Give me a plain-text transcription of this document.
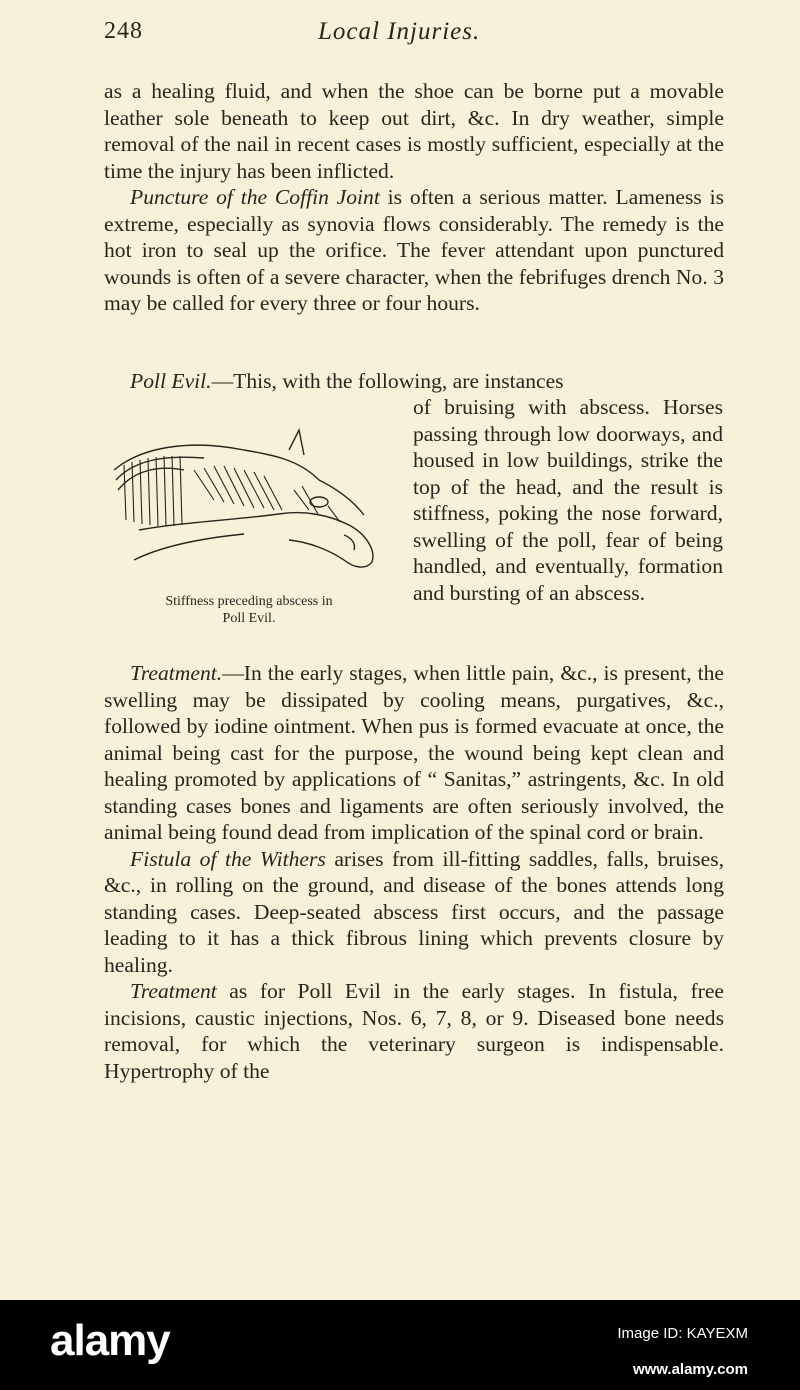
248	Local Injuries.

as a healing fluid, and when the shoe can be borne put a movable leather sole beneath to keep out dirt, &c. In dry weather, simple removal of the nail in recent cases is mostly sufficient, especially at the time the injury has been inflicted.

Puncture of the Coffin Joint is often a serious matter. Lameness is extreme, especially as synovia flows considerably. The remedy is the hot iron to seal up the orifice. The fever attendant upon punctured wounds is often of a severe character, when the febrifuges drench No. 3 may be called for every three or four hours.

Poll Evil.—This, with the following, are instances

of bruising with abscess. Horses passing through low doorways, and housed in low buildings, strike the top of the head, and the result is stiffness, poking the nose forward, swelling of the poll, fear of being handled, and eventually, formation and bursting of an abscess.
Stiffness preceding abscess in
Poll Evil.

Treatment.—In the early stages, when little pain, &c., is present, the swelling may be dissipated by cooling means, purgatives, &c., followed by iodine ointment. When pus is formed evacuate at once, the animal being cast for the purpose, the wound being kept clean and healing promoted by applications of “ Sanitas,” astringents, &c. In old standing cases bones and ligaments are often seriously involved, the animal being found dead from implication of the spinal cord or brain.

Fistula of the Withers arises from ill-fitting saddles, falls, bruises, &c., in rolling on the ground, and disease of the bones attends long standing cases. Deep-seated abscess first occurs, and the passage leading to it has a thick fibrous lining which prevents closure by healing.

Treatment as for Poll Evil in the early stages. In fistula, free incisions, caustic injections, Nos. 6, 7, 8, or 9. Diseased bone needs removal, for which the veterinary surgeon is indispensable. Hypertrophy of the

alamy	Image ID: KAYEXM
www.alamy.com
